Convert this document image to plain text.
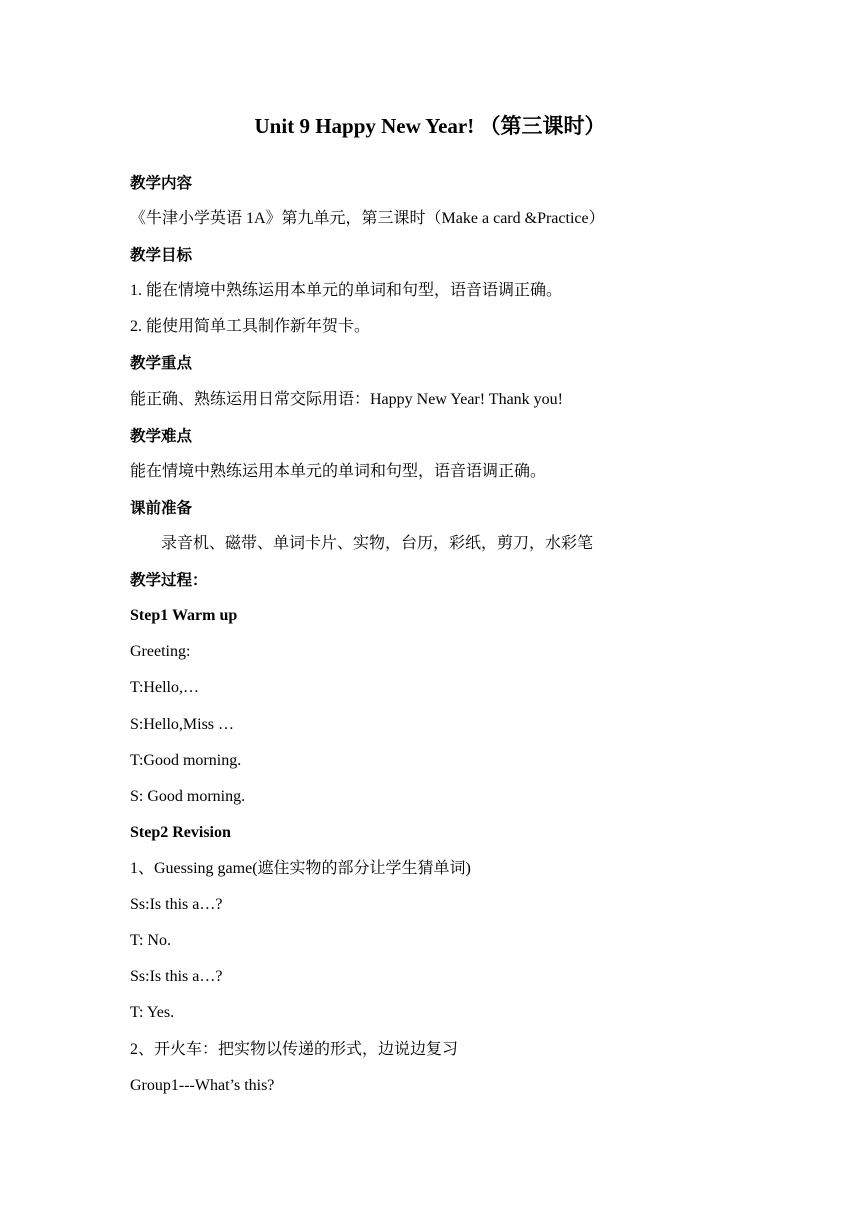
Unit 9 Happy New Year! （第三课时）

教学内容

《牛津小学英语 1A》第九单元，第三课时（Make a card &Practice）

教学目标

1. 能在情境中熟练运用本单元的单词和句型，语音语调正确。

2. 能使用简单工具制作新年贺卡。

教学重点

能正确、熟练运用日常交际用语：Happy New Year! Thank you!

教学难点

能在情境中熟练运用本单元的单词和句型，语音语调正确。

课前准备

录音机、磁带、单词卡片、实物，台历，彩纸，剪刀，水彩笔

教学过程：

Step1 Warm up

Greeting:

T:Hello,…

S:Hello,Miss …

T:Good morning.

S: Good morning.

Step2 Revision

1、Guessing game(遮住实物的部分让学生猜单词)

Ss:Is this a…?

T: No.

Ss:Is this a…?

T: Yes.

2、开火车：把实物以传递的形式，边说边复习

Group1---What’s this?
